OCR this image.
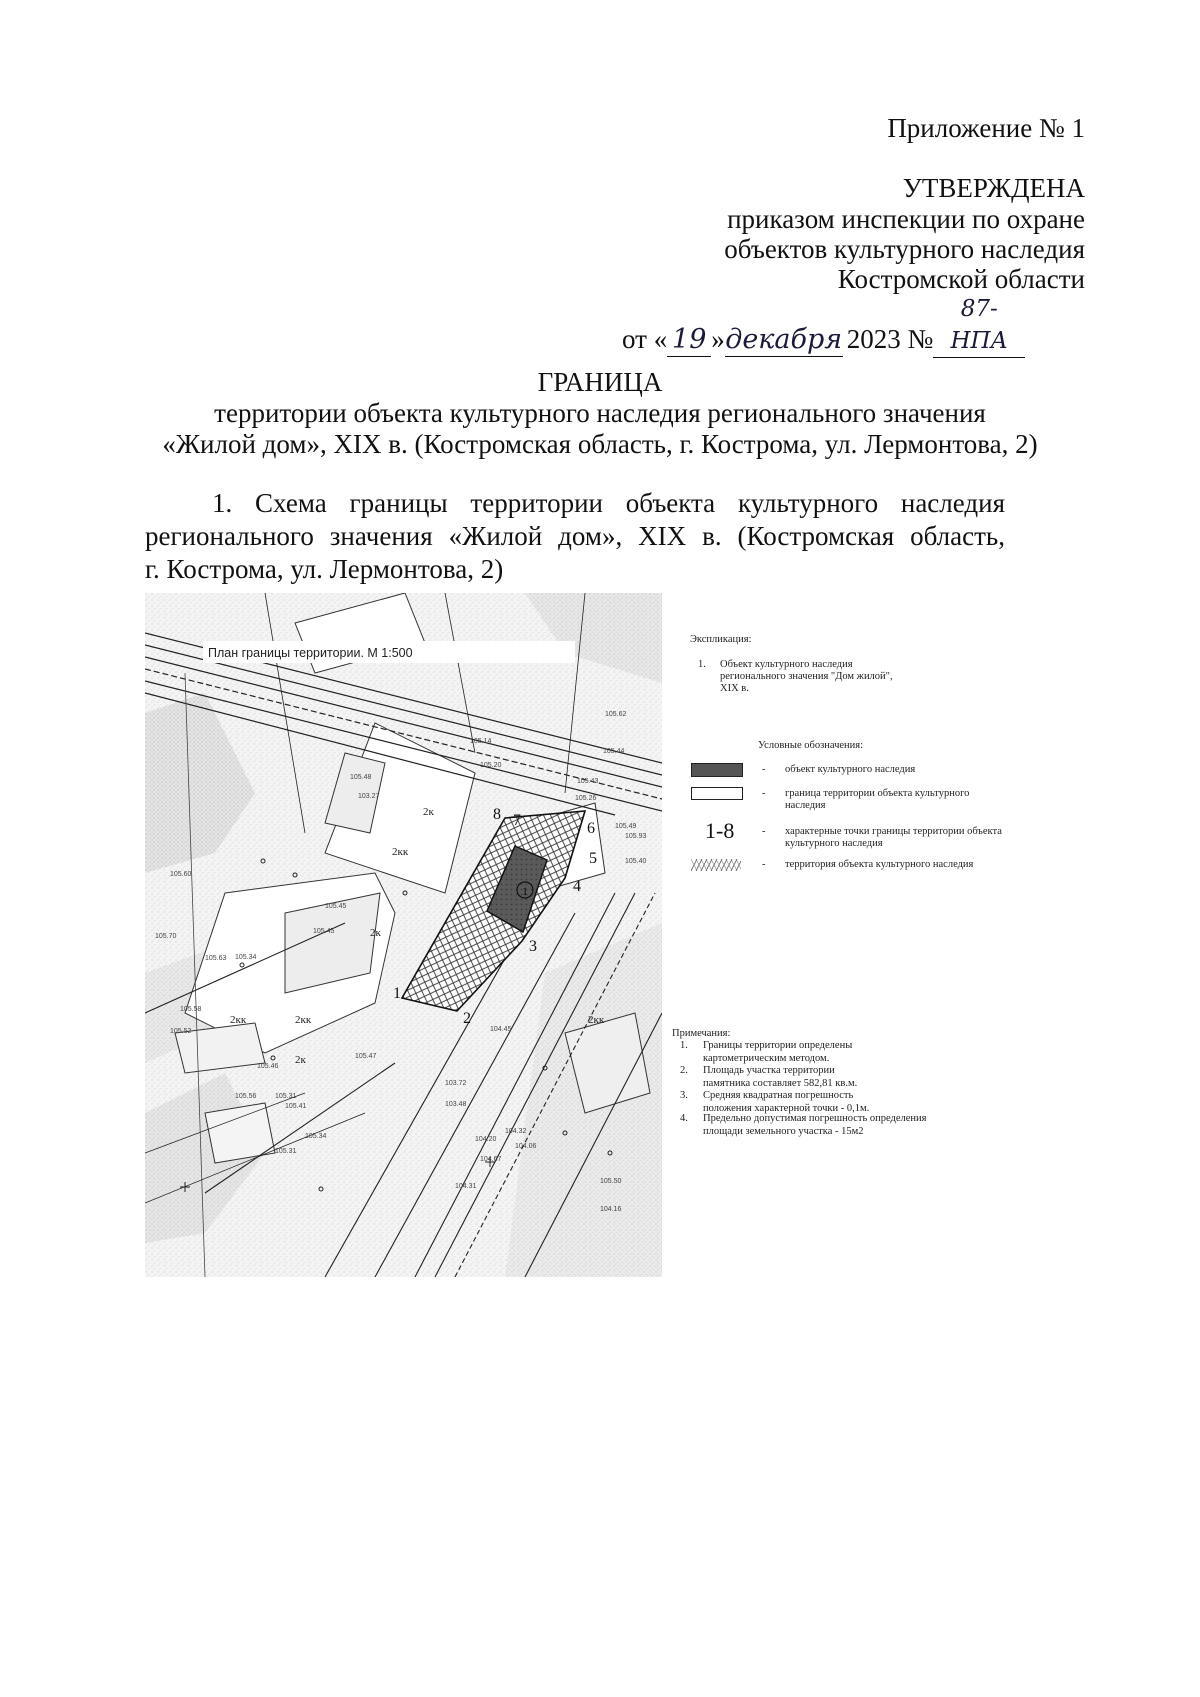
Приложение № 1
УТВЕРЖДЕНА
приказом инспекции по охране
объектов культурного наследия
Костромской области
от « 19 »декабря 2023 №87-НПА
ГРАНИЦА
территории объекта культурного наследия регионального значения
«Жилой дом», XIX в. (Костромская область, г. Кострома, ул. Лермонтова, 2)
1. Схема границы территории объекта культурного наследия
регионального значения «Жилой дом», XIX в. (Костромская область,
г. Кострома, ул. Лермонтова, 2)
1
1
2
3
4
5
6
7
8
2к
2кк
2к
2кк	2кк
2к
2кк
105.48
103.27
105.34
105.58
105.56
105.47
105.41
105.34
105.52
105.60
105.63
105.70
105.31
105.44
105.62
105.49
105.43
105.26
105.93
105.40
105.14
105.20
105.45
105.45
103.72
103.48
105.46
105.31
104.31
104.67
104.20
104.32
104.45
105.50
104.16
104.06
План границы территории. М 1:500
Экспликация:
1. Объект культурного наследия регионального значения "Дом жилой", XIX в.
Условные обозначения:
- объект культурного наследия
- граница территории объекта культурного наследия
1-8	- характерные точки границы территории объекта культурного наследия
- территория объекта культурного наследия
Примечания:
1. Границы территории определены картометрическим методом.
2. Площадь участка территории памятника составляет 582,81 кв.м.
3. Средняя квадратная погрешность положения характерной точки - 0,1м.
4. Предельно допустимая погрешность определения площади земельного участка - 15м2
